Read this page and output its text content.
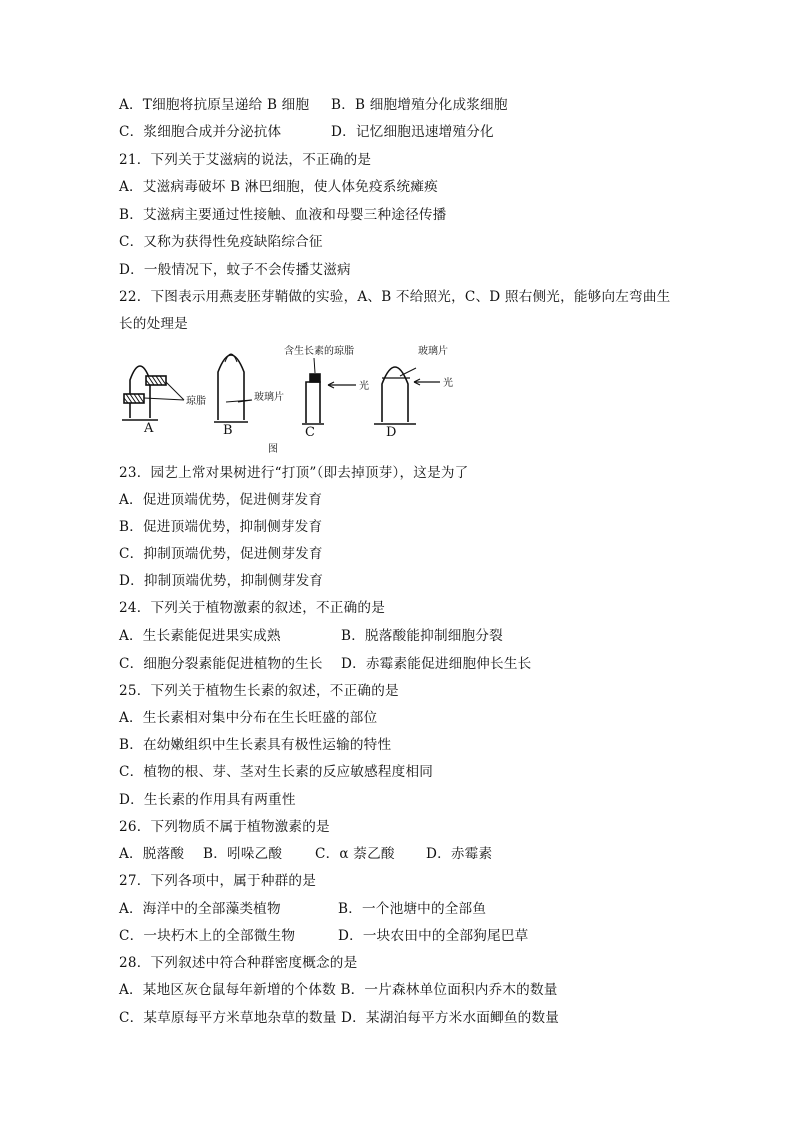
A．T细胞将抗原呈递给 B 细胞 B．B 细胞增殖分化成浆细胞
C．浆细胞合成并分泌抗体	D．记忆细胞迅速增殖分化
21．下列关于艾滋病的说法，不正确的是
A．艾滋病毒破坏 B 淋巴细胞，使人体免疫系统瘫痪
B．艾滋病主要通过性接触、血液和母婴三种途径传播
C．又称为获得性免疫缺陷综合征
D．一般情况下，蚊子不会传播艾滋病
22．下图表示用燕麦胚芽鞘做的实验，A、B 不给照光，C、D 照右侧光，能够向左弯曲生
长的处理是
含生长素的琼脂	玻璃片
琼脂	玻璃片
光	光
A	B	C	D
图
23．园艺上常对果树进行“打顶”（即去掉顶芽），这是为了
A．促进顶端优势，促进侧芽发育
B．促进顶端优势，抑制侧芽发育
C．抑制顶端优势，促进侧芽发育
D．抑制顶端优势，抑制侧芽发育
24．下列关于植物激素的叙述，不正确的是
A．生长素能促进果实成熟	B．脱落酸能抑制细胞分裂
C．细胞分裂素能促进植物的生长 D．赤霉素能促进细胞伸长生长
25．下列关于植物生长素的叙述，不正确的是
A．生长素相对集中分布在生长旺盛的部位
B．在幼嫩组织中生长素具有极性运输的特性
C．植物的根、芽、茎对生长素的反应敏感程度相同
D．生长素的作用具有两重性
26．下列物质不属于植物激素的是
A．脱落酸 B．吲哚乙酸 C．α 萘乙酸 D．赤霉素
27．下列各项中，属于种群的是
A．海洋中的全部藻类植物	B．一个池塘中的全部鱼
C．一块朽木上的全部微生物	D．一块农田中的全部狗尾巴草
28．下列叙述中符合种群密度概念的是
A．某地区灰仓鼠每年新增的个体数 B．一片森林单位面积内乔木的数量
C．某草原每平方米草地杂草的数量 D．某湖泊每平方米水面鲫鱼的数量
